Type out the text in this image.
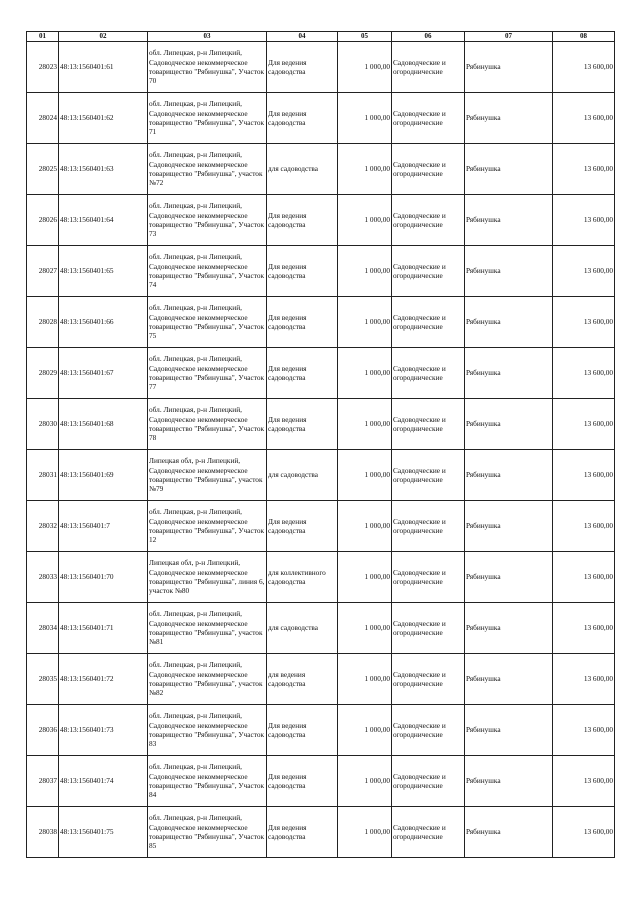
01	02	03	04	05	06	07	08
28023	48:13:1560401:61	обл. Липецкая, р-н Липецкий, Садоводческое некоммерческое товарищество "Рябинушка", Участок 70	Для ведения садоводства	1 000,00	Садоводческие и огороднические	Рябинушка	13 600,00
28024	48:13:1560401:62	обл. Липецкая, р-н Липецкий, Садоводческое некоммерческое товарищество "Рябинушка", Участок 71	Для ведения садоводства	1 000,00	Садоводческие и огороднические	Рябинушка	13 600,00
28025	48:13:1560401:63	обл. Липецкая, р-н Липецкий, Садоводческое некоммерческое товарищество "Рябинушка", участок №72	для садоводства	1 000,00	Садоводческие и огороднические	Рябинушка	13 600,00
28026	48:13:1560401:64	обл. Липецкая, р-н Липецкий, Садоводческое некоммерческое товарищество "Рябинушка", Участок 73	Для ведения садоводства	1 000,00	Садоводческие и огороднические	Рябинушка	13 600,00
28027	48:13:1560401:65	обл. Липецкая, р-н Липецкий, Садоводческое некоммерческое товарищество "Рябинушка", Участок 74	Для ведения садоводства	1 000,00	Садоводческие и огороднические	Рябинушка	13 600,00
28028	48:13:1560401:66	обл. Липецкая, р-н Липецкий, Садоводческое некоммерческое товарищество "Рябинушка", Участок 75	Для ведения садоводства	1 000,00	Садоводческие и огороднические	Рябинушка	13 600,00
28029	48:13:1560401:67	обл. Липецкая, р-н Липецкий, Садоводческое некоммерческое товарищество "Рябинушка", Участок 77	Для ведения садоводства	1 000,00	Садоводческие и огороднические	Рябинушка	13 600,00
28030	48:13:1560401:68	обл. Липецкая, р-н Липецкий, Садоводческое некоммерческое товарищество "Рябинушка", Участок 78	Для ведения садоводства	1 000,00	Садоводческие и огороднические	Рябинушка	13 600,00
28031	48:13:1560401:69	Липецкая обл, р-н Липецкий, Садоводческое некоммерческое товарищество "Рябинушка", участок №79	для садоводства	1 000,00	Садоводческие и огороднические	Рябинушка	13 600,00
28032	48:13:1560401:7	обл. Липецкая, р-н Липецкий, Садоводческое некоммерческое товарищество "Рябинушка", Участок 12	Для ведения садоводства	1 000,00	Садоводческие и огороднические	Рябинушка	13 600,00
28033	48:13:1560401:70	Липецкая обл, р-н Липецкий, Садоводческое некоммерческое товарищество "Рябинушка", линия 6, участок №80	для коллективного садоводства	1 000,00	Садоводческие и огороднические	Рябинушка	13 600,00
28034	48:13:1560401:71	обл. Липецкая, р-н Липецкий, Садоводческое некоммерческое товарищество "Рябинушка", участок №81	для садоводства	1 000,00	Садоводческие и огороднические	Рябинушка	13 600,00
28035	48:13:1560401:72	обл. Липецкая, р-н Липецкий, Садоводческое некоммерческое товарищество "Рябинушка", участок №82	для ведения садоводства	1 000,00	Садоводческие и огороднические	Рябинушка	13 600,00
28036	48:13:1560401:73	обл. Липецкая, р-н Липецкий, Садоводческое некоммерческое товарищество "Рябинушка", Участок 83	Для ведения садоводства	1 000,00	Садоводческие и огороднические	Рябинушка	13 600,00
28037	48:13:1560401:74	обл. Липецкая, р-н Липецкий, Садоводческое некоммерческое товарищество "Рябинушка", Участок 84	Для ведения садоводства	1 000,00	Садоводческие и огороднические	Рябинушка	13 600,00
28038	48:13:1560401:75	обл. Липецкая, р-н Липецкий, Садоводческое некоммерческое товарищество "Рябинушка", Участок 85	Для ведения садоводства	1 000,00	Садоводческие и огороднические	Рябинушка	13 600,00
